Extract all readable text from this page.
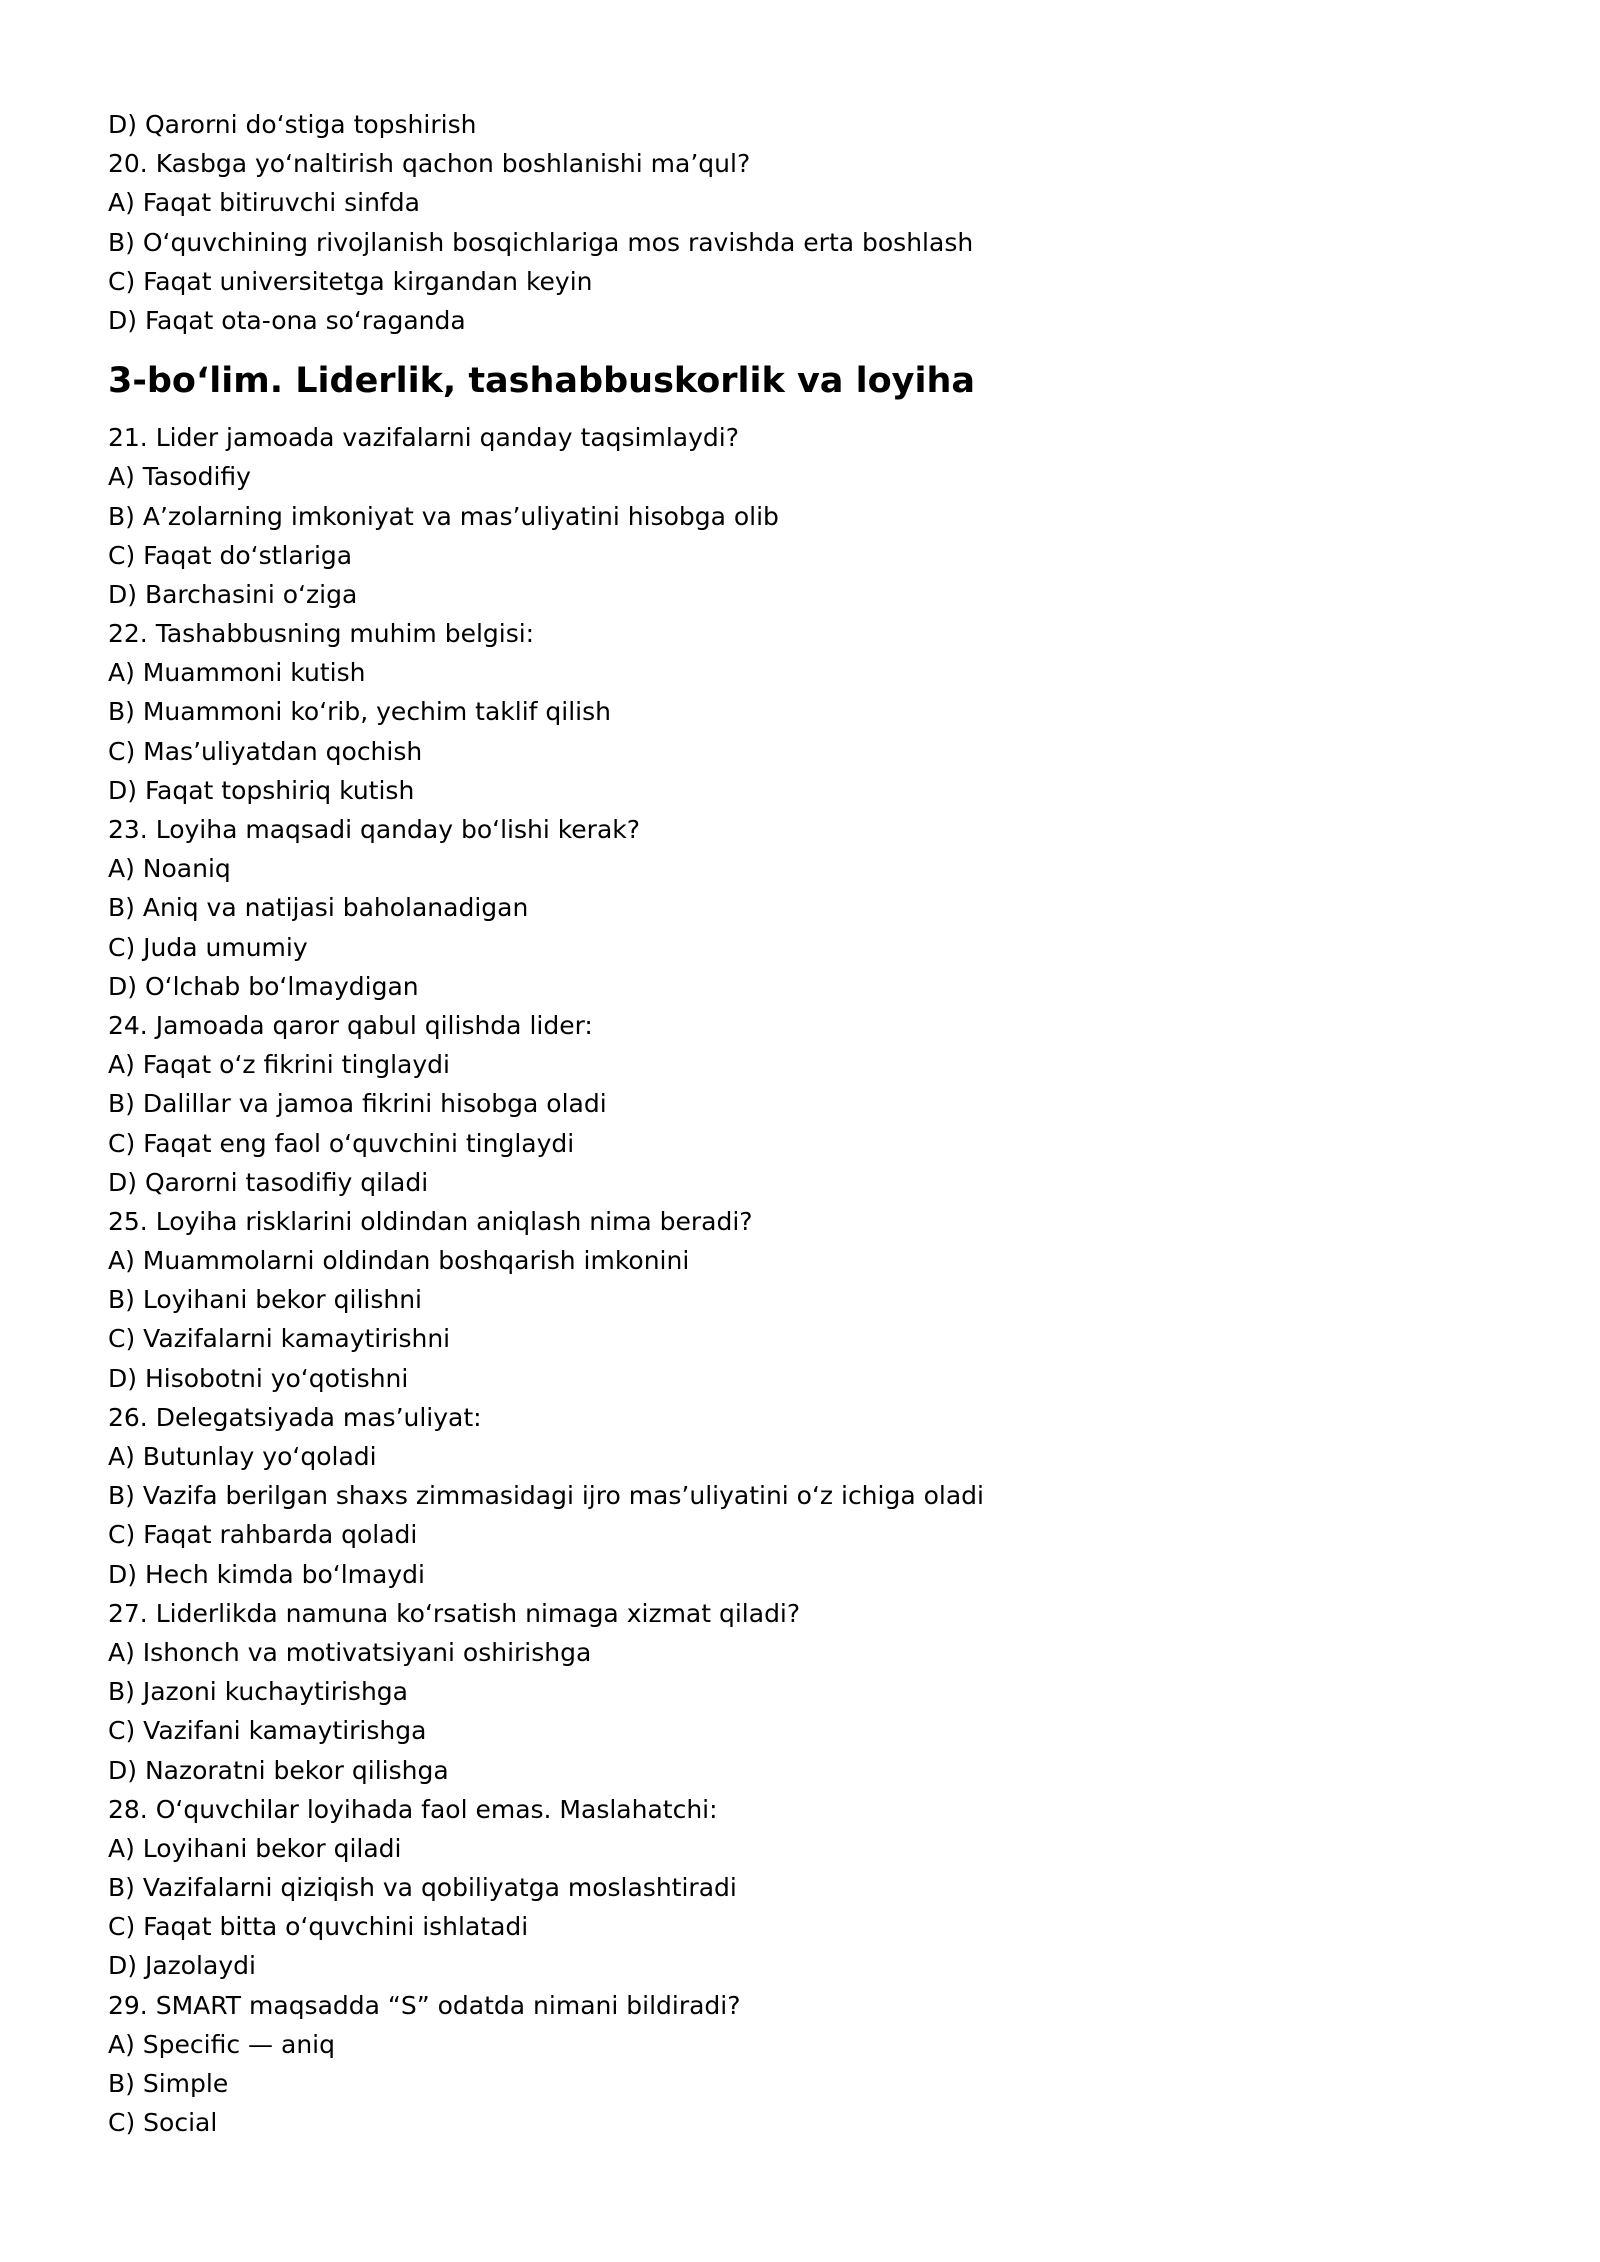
D) Qarorni do‘stiga topshirish
20. Kasbga yo‘naltirish qachon boshlanishi ma’qul?
A) Faqat bitiruvchi sinfda
B) O‘quvchining rivojlanish bosqichlariga mos ravishda erta boshlash
C) Faqat universitetga kirgandan keyin
D) Faqat ota-ona so‘raganda
3-bo‘lim. Liderlik, tashabbuskorlik va loyiha
21. Lider jamoada vazifalarni qanday taqsimlaydi?
A) Tasodifiy
B) A’zolarning imkoniyat va mas’uliyatini hisobga olib
C) Faqat do‘stlariga
D) Barchasini o‘ziga
22. Tashabbusning muhim belgisi:
A) Muammoni kutish
B) Muammoni ko‘rib, yechim taklif qilish
C) Mas’uliyatdan qochish
D) Faqat topshiriq kutish
23. Loyiha maqsadi qanday bo‘lishi kerak?
A) Noaniq
B) Aniq va natijasi baholanadigan
C) Juda umumiy
D) O‘lchab bo‘lmaydigan
24. Jamoada qaror qabul qilishda lider:
A) Faqat o‘z fikrini tinglaydi
B) Dalillar va jamoa fikrini hisobga oladi
C) Faqat eng faol o‘quvchini tinglaydi
D) Qarorni tasodifiy qiladi
25. Loyiha risklarini oldindan aniqlash nima beradi?
A) Muammolarni oldindan boshqarish imkonini
B) Loyihani bekor qilishni
C) Vazifalarni kamaytirishni
D) Hisobotni yo‘qotishni
26. Delegatsiyada mas’uliyat:
A) Butunlay yo‘qoladi
B) Vazifa berilgan shaxs zimmasidagi ijro mas’uliyatini o‘z ichiga oladi
C) Faqat rahbarda qoladi
D) Hech kimda bo‘lmaydi
27. Liderlikda namuna ko‘rsatish nimaga xizmat qiladi?
A) Ishonch va motivatsiyani oshirishga
B) Jazoni kuchaytirishga
C) Vazifani kamaytirishga
D) Nazoratni bekor qilishga
28. O‘quvchilar loyihada faol emas. Maslahatchi:
A) Loyihani bekor qiladi
B) Vazifalarni qiziqish va qobiliyatga moslashtiradi
C) Faqat bitta o‘quvchini ishlatadi
D) Jazolaydi
29. SMART maqsadda “S” odatda nimani bildiradi?
A) Specific — aniq
B) Simple
C) Social
